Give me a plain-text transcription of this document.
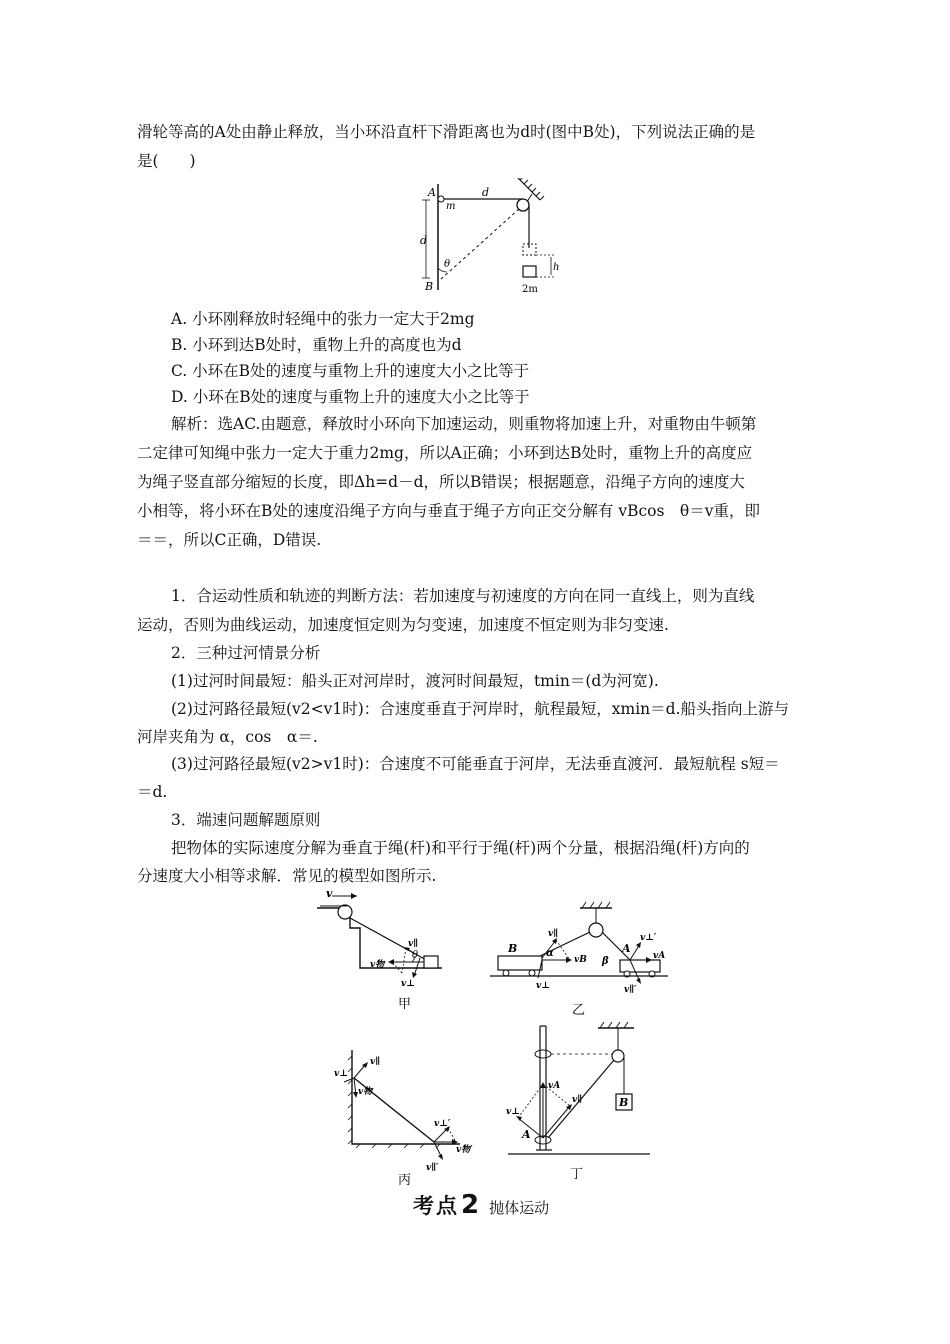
滑轮等高的A处由静止释放，当小环沿直杆下滑距离也为d时(图中B处)，下列说法正确的是

是(　　)

A
m
d
d
θ
B
h
2m

A. 小环刚释放时轻绳中的张力一定大于2mg

B. 小环到达B处时，重物上升的高度也为d

C. 小环在B处的速度与重物上升的速度大小之比等于

D. 小环在B处的速度与重物上升的速度大小之比等于

解析：选AC.由题意，释放时小环向下加速运动，则重物将加速上升，对重物由牛顿第

二定律可知绳中张力一定大于重力2mg，所以A正确；小环到达B处时，重物上升的高度应

为绳子竖直部分缩短的长度，即Δh=d－d，所以B错误；根据题意，沿绳子方向的速度大

小相等，将小环在B处的速度沿绳子方向与垂直于绳子方向正交分解有 vBcos　θ＝v重，即

＝＝，所以C正确，D错误.

1．合运动性质和轨迹的判断方法：若加速度与初速度的方向在同一直线上，则为直线

运动，否则为曲线运动，加速度恒定则为匀变速，加速度不恒定则为非匀变速.

2．三种过河情景分析

(1)过河时间最短：船头正对河岸时，渡河时间最短，tmin＝(d为河宽).

(2)过河路径最短(v2<v1时)：合速度垂直于河岸时，航程最短，xmin＝d.船头指向上游与

河岸夹角为 α，cos　α＝.

(3)过河路径最短(v2>v1时)：合速度不可能垂直于河岸，无法垂直渡河．最短航程 s短＝

＝d.

3．端速问题解题原则

把物体的实际速度分解为垂直于绳(杆)和平行于绳(杆)两个分量，根据沿绳(杆)方向的

分速度大小相等求解．常见的模型如图所示.

v
v∥
v物
v⊥
θ
甲
B	A
v∥
α
vB
v⊥
β
v⊥′
vA
v∥′
乙
v⊥
v∥
v物
v⊥′
v物′
v∥′
丙
B
vA
v⊥
v∥
A
丁
考点2 抛体运动
